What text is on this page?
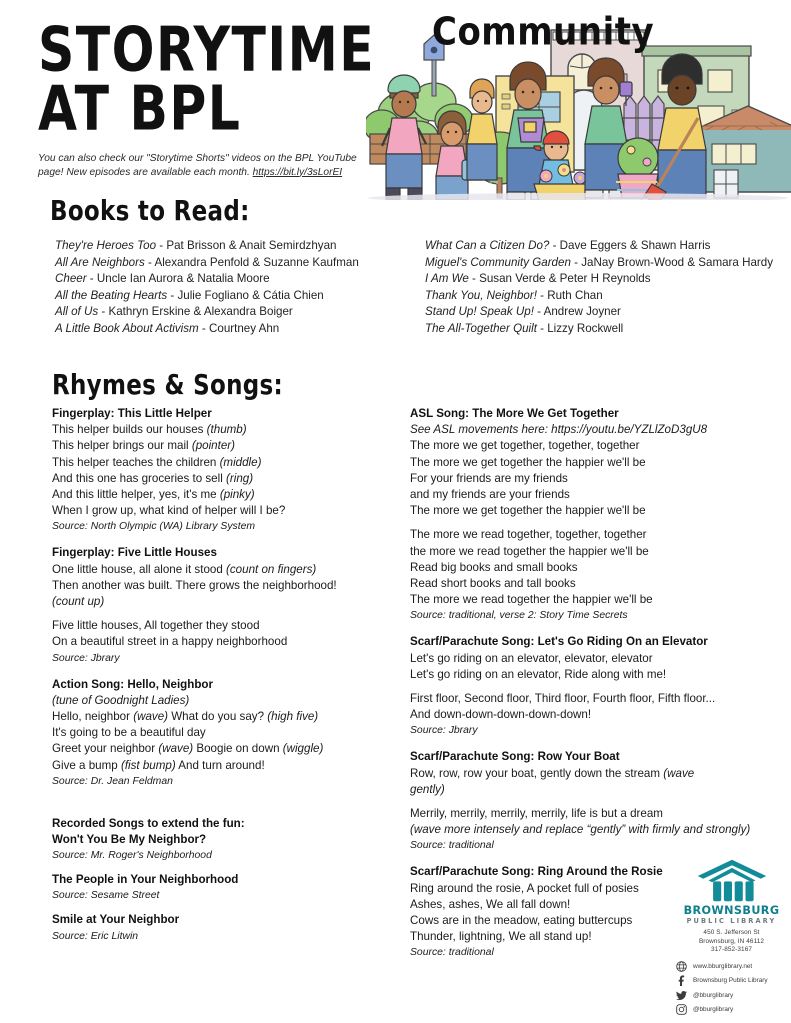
STORYTIME
AT BPL
You can also check our "Storytime Shorts" videos on the BPL YouTube page! New episodes are available each month. https://bit.ly/3sLorEI
Community
Books to Read:
They're Heroes Too - Pat Brisson & Anait Semirdzhyan
All Are Neighbors - Alexandra Penfold & Suzanne Kaufman
Cheer - Uncle Ian Aurora & Natalia Moore
All the Beating Hearts - Julie Fogliano & Cátia Chien
All of Us - Kathryn Erskine & Alexandra Boiger
A Little Book About Activism - Courtney Ahn
What Can a Citizen Do? - Dave Eggers & Shawn Harris
Miguel's Community Garden - JaNay Brown-Wood & Samara Hardy
I Am We - Susan Verde & Peter H Reynolds
Thank You, Neighbor! - Ruth Chan
Stand Up! Speak Up! - Andrew Joyner
The All-Together Quilt - Lizzy Rockwell
Rhymes & Songs:
Fingerplay: This Little Helper
This helper builds our houses (thumb)
This helper brings our mail (pointer)
This helper teaches the children (middle)
And this one has groceries to sell (ring)
And this little helper, yes, it's me (pinky)
When I grow up, what kind of helper will I be?
Source: North Olympic (WA) Library System
Fingerplay: Five Little Houses
One little house, all alone it stood (count on fingers)
Then another was built. There grows the neighborhood!
(count up)
Five little houses, All together they stood
On a beautiful street in a happy neighborhood
Source: Jbrary
Action Song: Hello, Neighbor
(tune of Goodnight Ladies)
Hello, neighbor (wave) What do you say? (high five)
It's going to be a beautiful day
Greet your neighbor (wave) Boogie on down (wiggle)
Give a bump (fist bump) And turn around!
Source: Dr. Jean Feldman
Recorded Songs to extend the fun:
Won't You Be My Neighbor?
Source: Mr. Roger's Neighborhood
The People in Your Neighborhood
Source: Sesame Street
Smile at Your Neighbor
Source: Eric Litwin
ASL Song: The More We Get Together
See ASL movements here: https://youtu.be/YZLlZoD3gU8
The more we get together, together, together
The more we get together the happier we'll be
For your friends are my friends
and my friends are your friends
The more we get together the happier we'll be
The more we read together, together, together
the more we read together the happier we'll be
Read big books and small books
Read short books and tall books
The more we read together the happier we'll be
Source: traditional, verse 2: Story Time Secrets
Scarf/Parachute Song: Let's Go Riding On an Elevator
Let's go riding on an elevator, elevator, elevator
Let's go riding on an elevator, Ride along with me!
First floor, Second floor, Third floor, Fourth floor, Fifth floor...
And down-down-down-down-down!
Source: Jbrary
Scarf/Parachute Song: Row Your Boat
Row, row, row your boat, gently down the stream (wave
gently)
Merrily, merrily, merrily, merrily, life is but a dream
(wave more intensely and replace “gently” with firmly and strongly)
Source: traditional
Scarf/Parachute Song: Ring Around the Rosie
Ring around the rosie, A pocket full of posies
Ashes, ashes, We all fall down!
Cows are in the meadow, eating buttercups
Thunder, lightning, We all stand up!
Source: traditional
BROWNSBURG
PUBLIC LIBRARY
450 S. Jefferson St
Brownsburg, IN 46112
317-852-3167
www.bburglibrary.net
Brownsburg Public Library
@bburglibrary
@bburglibrary
